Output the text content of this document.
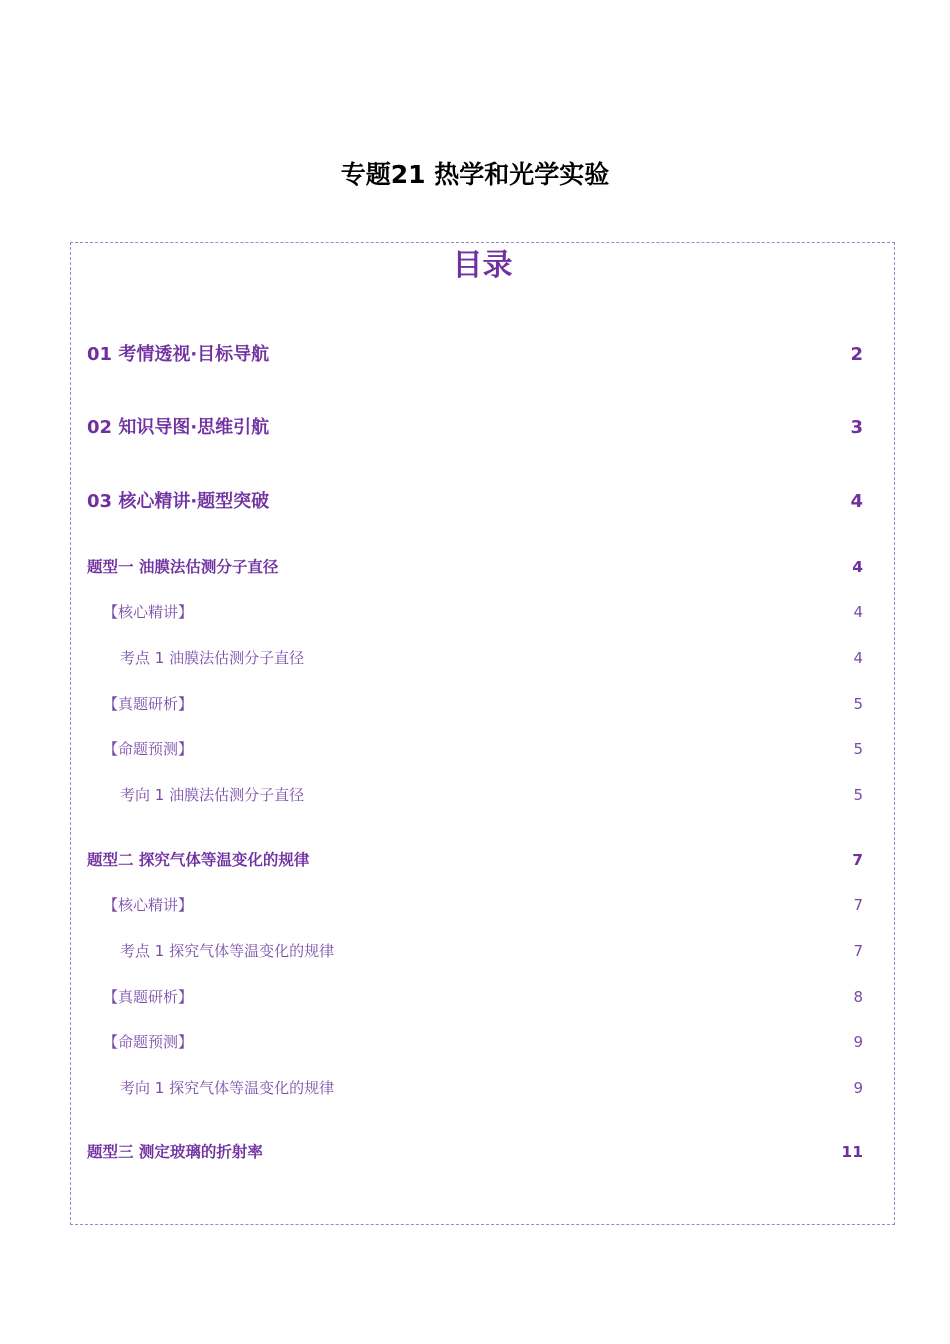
专题21 热学和光学实验
目录
01 考情透视·目标导航	2
02 知识导图·思维引航	3
03 核心精讲·题型突破	4
题型一 油膜法估测分子直径	4
【核心精讲】	4
考点 1 油膜法估测分子直径	4
【真题研析】	5
【命题预测】	5
考向 1 油膜法估测分子直径	5
题型二 探究气体等温变化的规律	7
【核心精讲】	7
考点 1 探究气体等温变化的规律	7
【真题研析】	8
【命题预测】	9
考向 1 探究气体等温变化的规律	9
题型三 测定玻璃的折射率	11
